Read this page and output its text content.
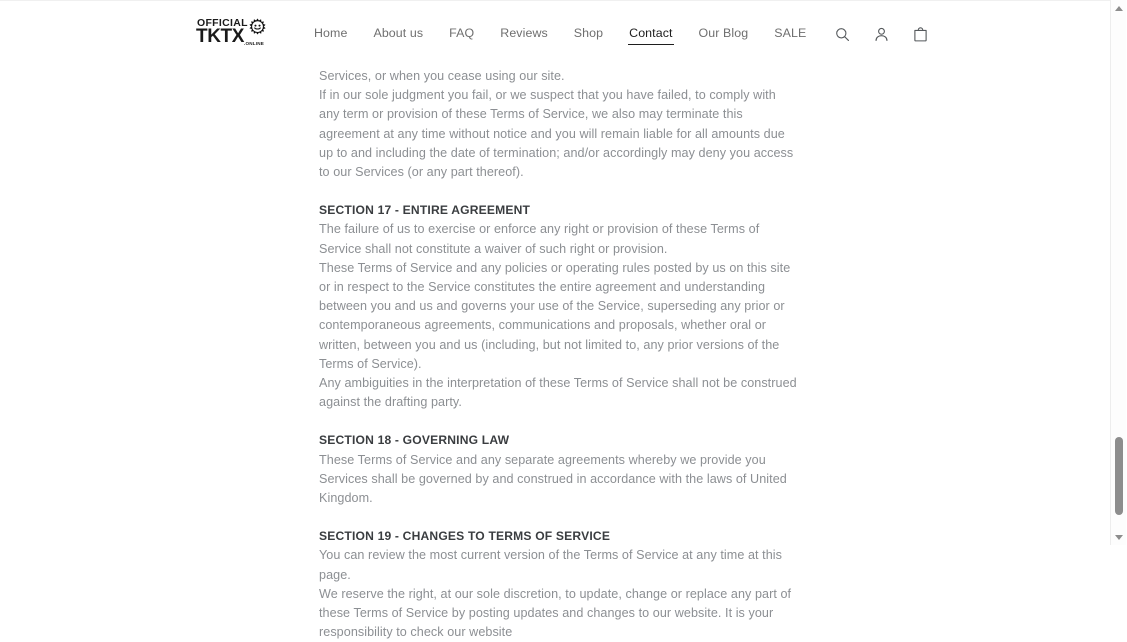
OFFICIAL
TKTX .ONLINE
Home	About us	FAQ	Reviews	Shop	Contact	Our Blog	SALE

Services, or when you cease using our site.

If in our sole judgment you fail, or we suspect that you have failed, to comply with any term or provision of these Terms of Service, we also may terminate this agreement at any time without notice and you will remain liable for all amounts due up to and including the date of termination; and/or accordingly may deny you access to our Services (or any part thereof).

SECTION 17 - ENTIRE AGREEMENT

The failure of us to exercise or enforce any right or provision of these Terms of Service shall not constitute a waiver of such right or provision.

These Terms of Service and any policies or operating rules posted by us on this site or in respect to the Service constitutes the entire agreement and understanding between you and us and governs your use of the Service, superseding any prior or contemporaneous agreements, communications and proposals, whether oral or written, between you and us (including, but not limited to, any prior versions of the Terms of Service).

Any ambiguities in the interpretation of these Terms of Service shall not be construed against the drafting party.

SECTION 18 - GOVERNING LAW

These Terms of Service and any separate agreements whereby we provide you Services shall be governed by and construed in accordance with the laws of United Kingdom.

SECTION 19 - CHANGES TO TERMS OF SERVICE

You can review the most current version of the Terms of Service at any time at this page.

We reserve the right, at our sole discretion, to update, change or replace any part of these Terms of Service by posting updates and changes to our website. It is your responsibility to check our website
